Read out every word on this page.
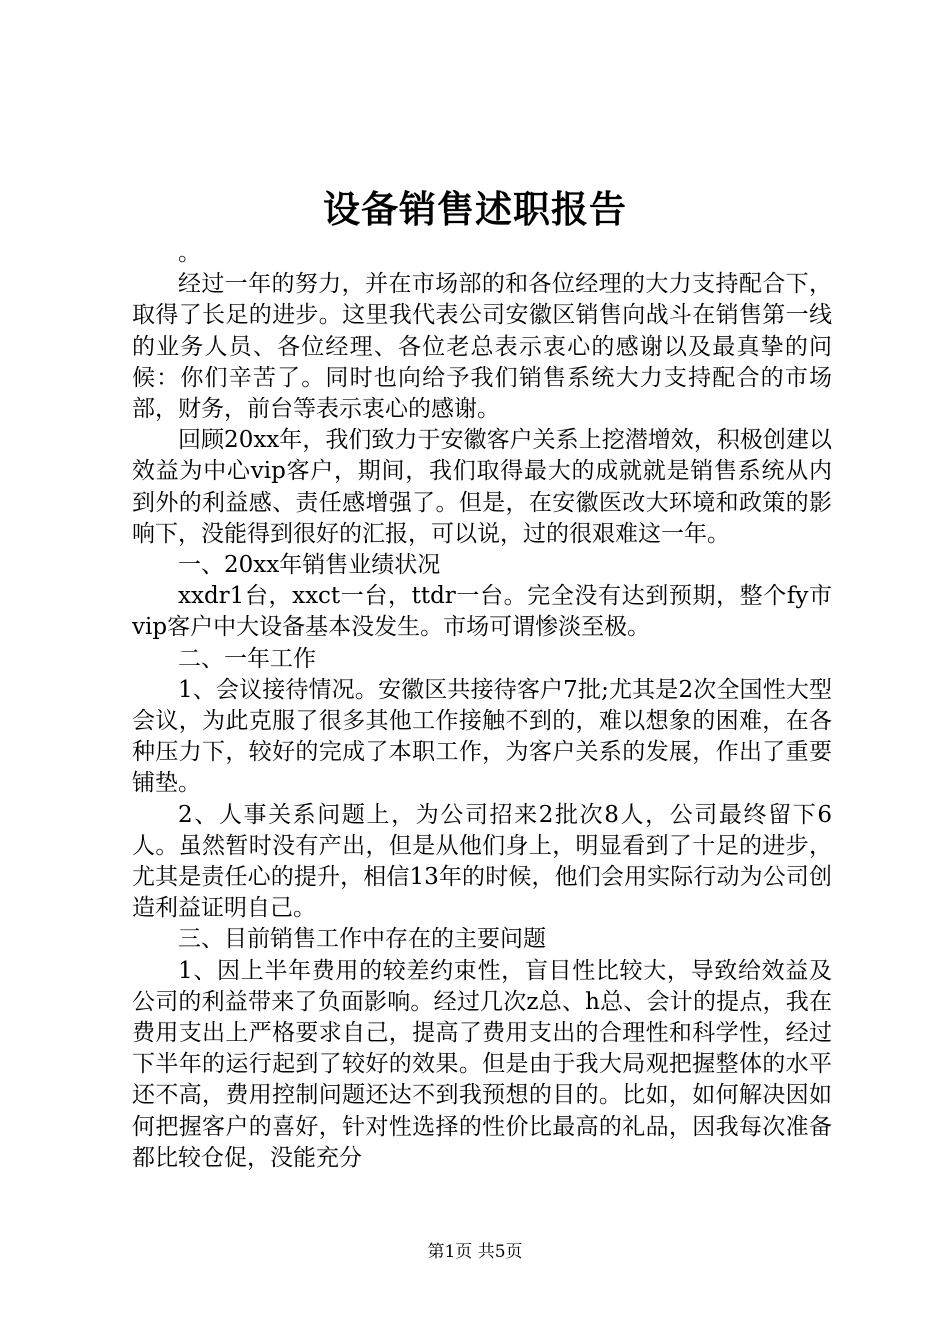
设备销售述职报告

。

经过一年的努力，并在市场部的和各位经理的大力支持配合下，取得了长足的进步。这里我代表公司安徽区销售向战斗在销售第一线的业务人员、各位经理、各位老总表示衷心的感谢以及最真挚的问候：你们辛苦了。同时也向给予我们销售系统大力支持配合的市场部，财务，前台等表示衷心的感谢。

回顾20xx年，我们致力于安徽客户关系上挖潜增效，积极创建以效益为中心vip客户，期间，我们取得最大的成就就是销售系统从内到外的利益感、责任感增强了。但是，在安徽医改大环境和政策的影响下，没能得到很好的汇报，可以说，过的很艰难这一年。

一、20xx年销售业绩状况

xxdr1台，xxct一台，ttdr一台。完全没有达到预期，整个fy市vip客户中大设备基本没发生。市场可谓惨淡至极。

二、一年工作

1、会议接待情况。安徽区共接待客户7批;尤其是2次全国性大型会议，为此克服了很多其他工作接触不到的，难以想象的困难，在各种压力下，较好的完成了本职工作，为客户关系的发展，作出了重要铺垫。

2、人事关系问题上，为公司招来2批次8人，公司最终留下6人。虽然暂时没有产出，但是从他们身上，明显看到了十足的进步，尤其是责任心的提升，相信13年的时候，他们会用实际行动为公司创造利益证明自己。

三、目前销售工作中存在的主要问题

1、因上半年费用的较差约束性，盲目性比较大，导致给效益及公司的利益带来了负面影响。经过几次z总、h总、会计的提点，我在费用支出上严格要求自己，提高了费用支出的合理性和科学性，经过下半年的运行起到了较好的效果。但是由于我大局观把握整体的水平还不高，费用控制问题还达不到我预想的目的。比如，如何解决因如何把握客户的喜好，针对性选择的性价比最高的礼品，因我每次准备都比较仓促，没能充分

第1页 共5页
